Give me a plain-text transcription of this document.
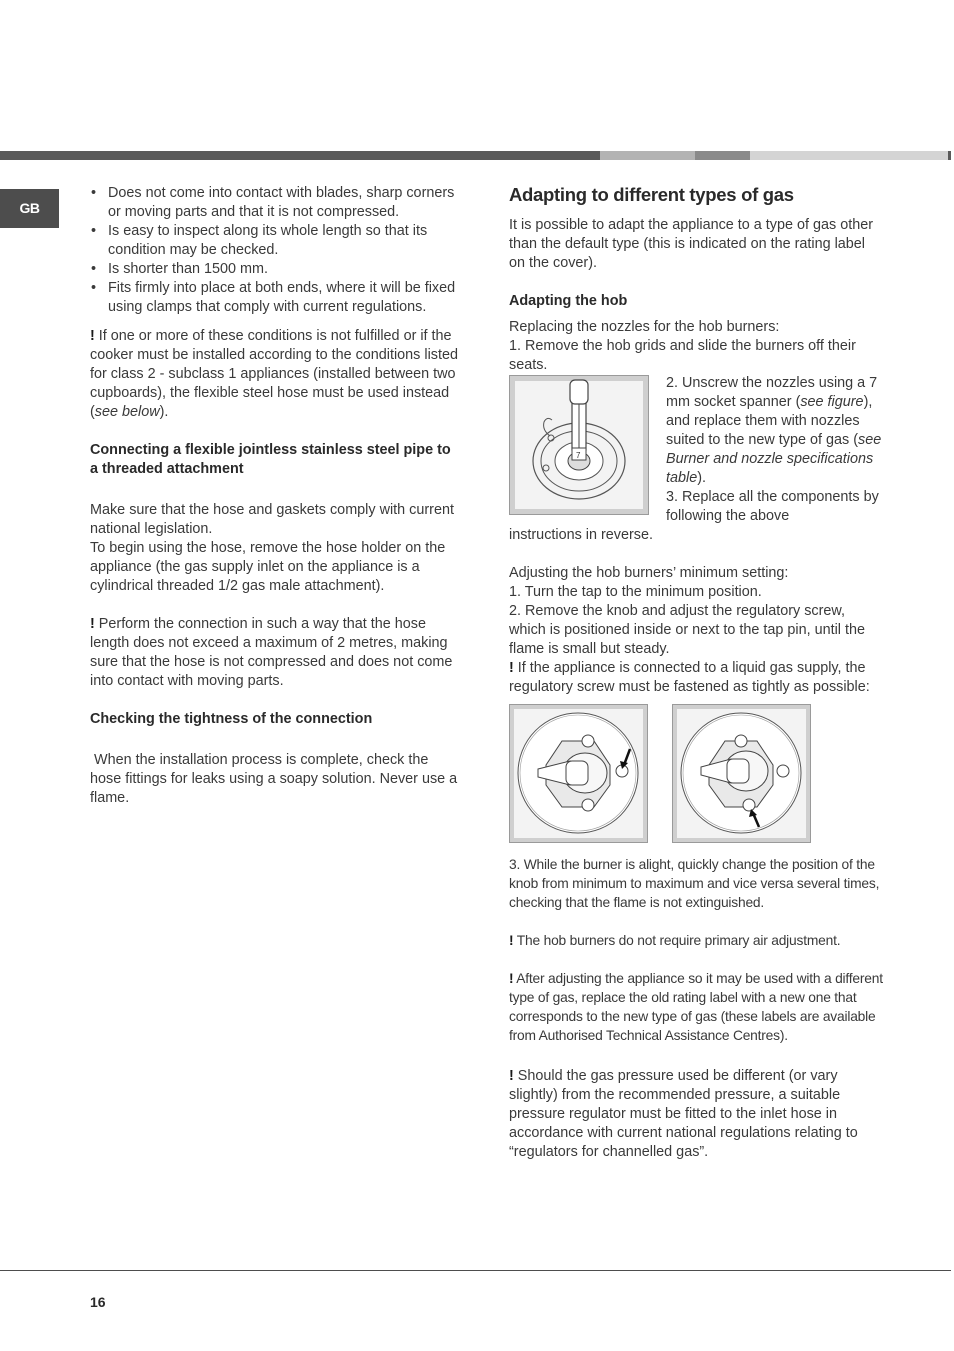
GB
• Does not come into contact with blades, sharp corners or moving parts and that it is not compressed.
• Is easy to inspect along its whole length so that its condition may be checked.
• Is shorter than 1500 mm.
• Fits firmly into place at both ends, where it will be fixed using clamps that comply with current regulations.

! If one or more of these conditions is not fulfilled or if the cooker must be installed according to the conditions listed for class 2 - subclass 1 appliances (installed between two cupboards), the flexible steel hose must be used instead (see below).

Connecting a flexible jointless stainless steel pipe to a threaded attachment

Make sure that the hose and gaskets comply with current national legislation.

To begin using the hose, remove the hose holder on the appliance (the gas supply inlet on the appliance is a cylindrical threaded 1/2 gas male attachment).

! Perform the connection in such a way that the hose length does not exceed a maximum of 2 metres, making sure that the hose is not compressed and does not come into contact with moving parts.

Checking the tightness of the connection

When the installation process is complete, check the hose fittings for leaks using a soapy solution. Never use a flame.

Adapting to different types of gas

It is possible to adapt the appliance to a type of gas other than the default type (this is indicated on the rating label on the cover).

Adapting the hob

Replacing the nozzles for the hob burners:

1. Remove the hob grids and slide the burners off their seats.

7

2. Unscrew the nozzles using a 7 mm socket spanner (see figure), and replace them with nozzles suited to the new type of gas (see Burner and nozzle specifications table).

3. Replace all the components by following the above

instructions in reverse.

Adjusting the hob burners’ minimum setting:

1. Turn the tap to the minimum position.

2. Remove the knob and adjust the regulatory screw, which is positioned inside or next to the tap pin, until the flame is small but steady.

! If the appliance is connected to a liquid gas supply, the regulatory screw must be fastened as tightly as possible:

3. While the burner is alight, quickly change the position of the knob from minimum to maximum and vice versa several times, checking that the flame is not extinguished.

! The hob burners do not require primary air adjustment.

! After adjusting the appliance so it may be used with a different type of gas, replace the old rating label with a new one that corresponds to the new type of gas (these labels are available from Authorised Technical Assistance Centres).

! Should the gas pressure used be different (or vary slightly) from the recommended pressure, a suitable pressure regulator must be fitted to the inlet hose in accordance with current national regulations relating to “regulators for channelled gas”.

16
